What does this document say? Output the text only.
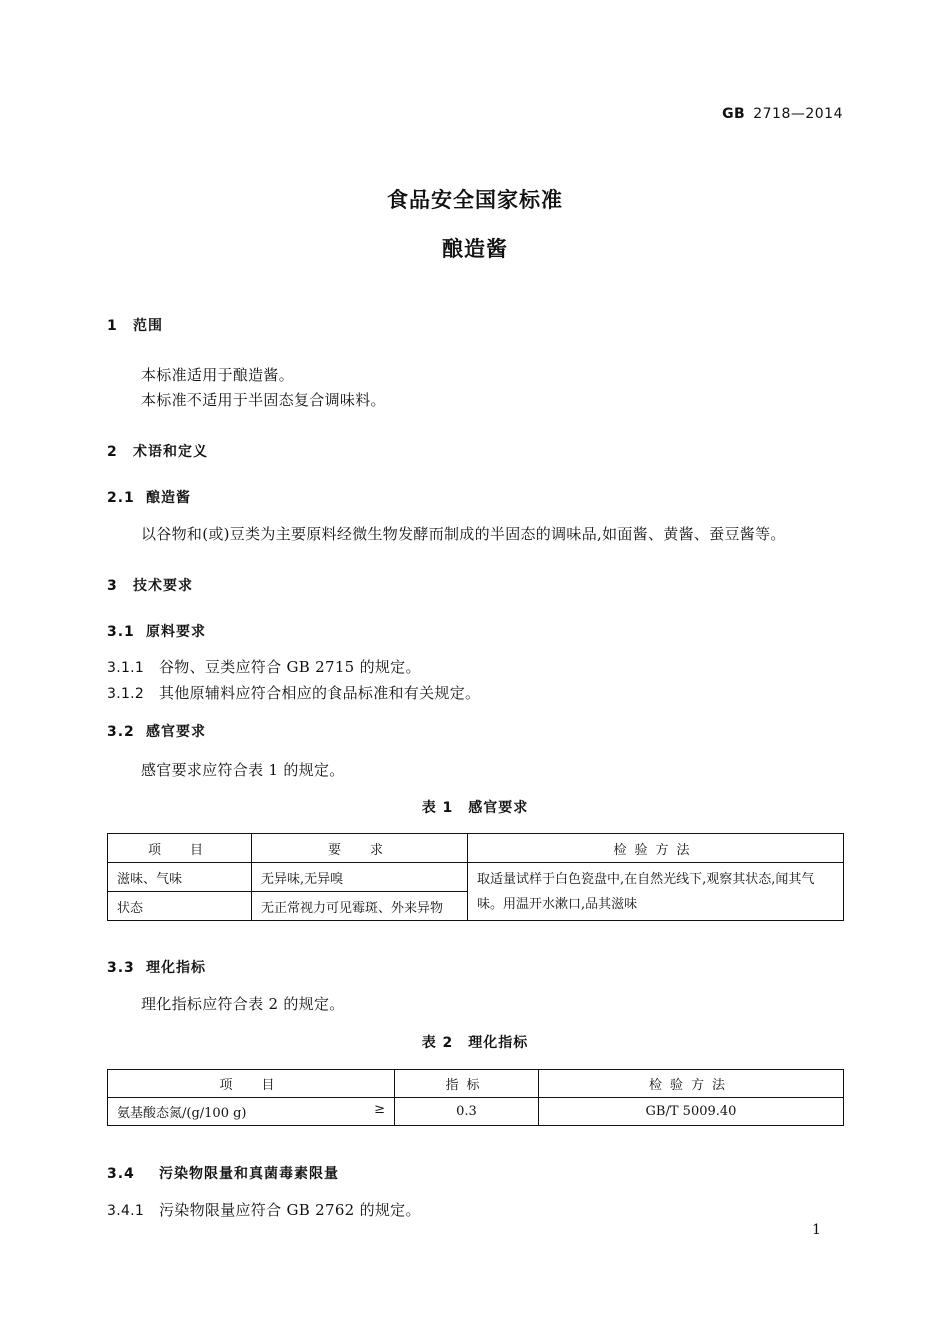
GB 2718—2014
食品安全国家标准
酿造酱
1 范围
本标准适用于酿造酱。
本标准不适用于半固态复合调味料。
2 术语和定义
2.1 酿造酱
以谷物和(或)豆类为主要原料经微生物发酵而制成的半固态的调味品,如面酱、黄酱、蚕豆酱等。
3 技术要求
3.1 原料要求
3.1.1 谷物、豆类应符合 GB 2715 的规定。
3.1.2 其他原辅料应符合相应的食品标准和有关规定。
3.2 感官要求
感官要求应符合表 1 的规定。
表 1　感官要求
项　目	要　求	检验方法
滋味、气味	无异味,无异嗅	取适量试样于白色瓷盘中,在自然光线下,观察其状态,闻其气味。用温开水漱口,品其滋味
状态	无正常视力可见霉斑、外来异物	
3.3 理化指标
理化指标应符合表 2 的规定。
表 2　理化指标
项　目	指标	检验方法
氨基酸态氮/(g/100 g) ≥	0.3	GB/T 5009.40
3.4 污染物限量和真菌毒素限量
3.4.1 污染物限量应符合 GB 2762 的规定。
1
